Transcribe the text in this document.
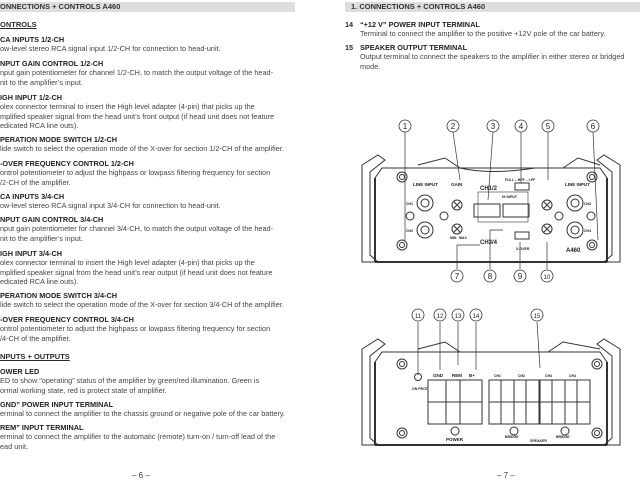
ONNECTIONS + CONTROLS A460
ONTROLS
CA INPUTS 1/2-CH
ow-level stereo RCA signal input 1/2-CH for connection to head-unit.
NPUT GAIN CONTROL 1/2-CH
nput gain potentiometer for channel 1/2-CH, to match the output voltage of the head-
nit to the amplifier’s input.
IGH INPUT 1/2-CH
olex connector terminal to insert the High level adapter (4-pin) that picks up the
mplified speaker signal from the head unit’s front output (if head unit does not feature
edicated RCA line outs).
PERATION MODE SWITCH 1/2-CH
lide switch to select the operation mode of the X-over for section 1/2-CH of the amplifier.
-OVER FREQUENCY CONTROL 1/2-CH
ontrol potentiometer to adjust the highpass or lowpass filtering frequency for section
/2-CH of the amplifier.
CA INPUTS 3/4-CH
ow-level stereo RCA signal input 3/4-CH for connection to head-unit.
NPUT GAIN CONTROL 3/4-CH
nput gain potentiometer for channel 3/4-CH, to match the output voltage of the head-
nit to the amplifier’s input.
IGH INPUT 3/4-CH
olex connector terminal to insert the High level adapter (4-pin) that picks up the
mplified speaker signal from the head unit’s rear output (if head unit does not feature
edicated RCA line outs).
PERATION MODE SWITCH 3/4-CH
lide switch to select the operation mode of the X-over for section 3/4-CH of the amplifier.
-OVER FREQUENCY CONTROL 3/4-CH
ontrol potentiometer to adjust the highpass or lowpass filtering frequency for section
/4-CH of the amplifier.
NPUTS + OUTPUTS
OWER LED
ED to show “operating” status of the amplifier by green/red illumination. Green is
ormal working state, red is protect state of amplifier.
GND” POWER INPUT TERMINAL
erminal to connect the amplifier to the chassis ground or negative pole of the car battery.
REM” INPUT TERMINAL
erminal to connect the amplifier to the automatic (remote) turn-on / turn-off lead of the
ead unit.
– 6 –
1. CONNECTIONS + CONTROLS A460
14 “+12 V” POWER INPUT TERMINAL
Terminal to connect the amplifier to the positive +12V pole of the car battery.
15 SPEAKER OUTPUT TERMINAL
Output terminal to connect the speakers to the amplifier in either stereo or bridged
mode.
LINE INPUT	GAIN
CH1/2
CH3/4
FULL – HPF – LPF
HI INPUT
X-OVER
LINE INPUT
A460
MIN MAX
CH1
CH2
CH3
CH4
1	2	3	4	5	6
ON PROT
GND REM B+
POWER	BRIDGE	BRIDGE
SPEAKER
CH1	CH2	CH3	CH4
11	12 13 14	15
7	8	9	10
– 7 –
